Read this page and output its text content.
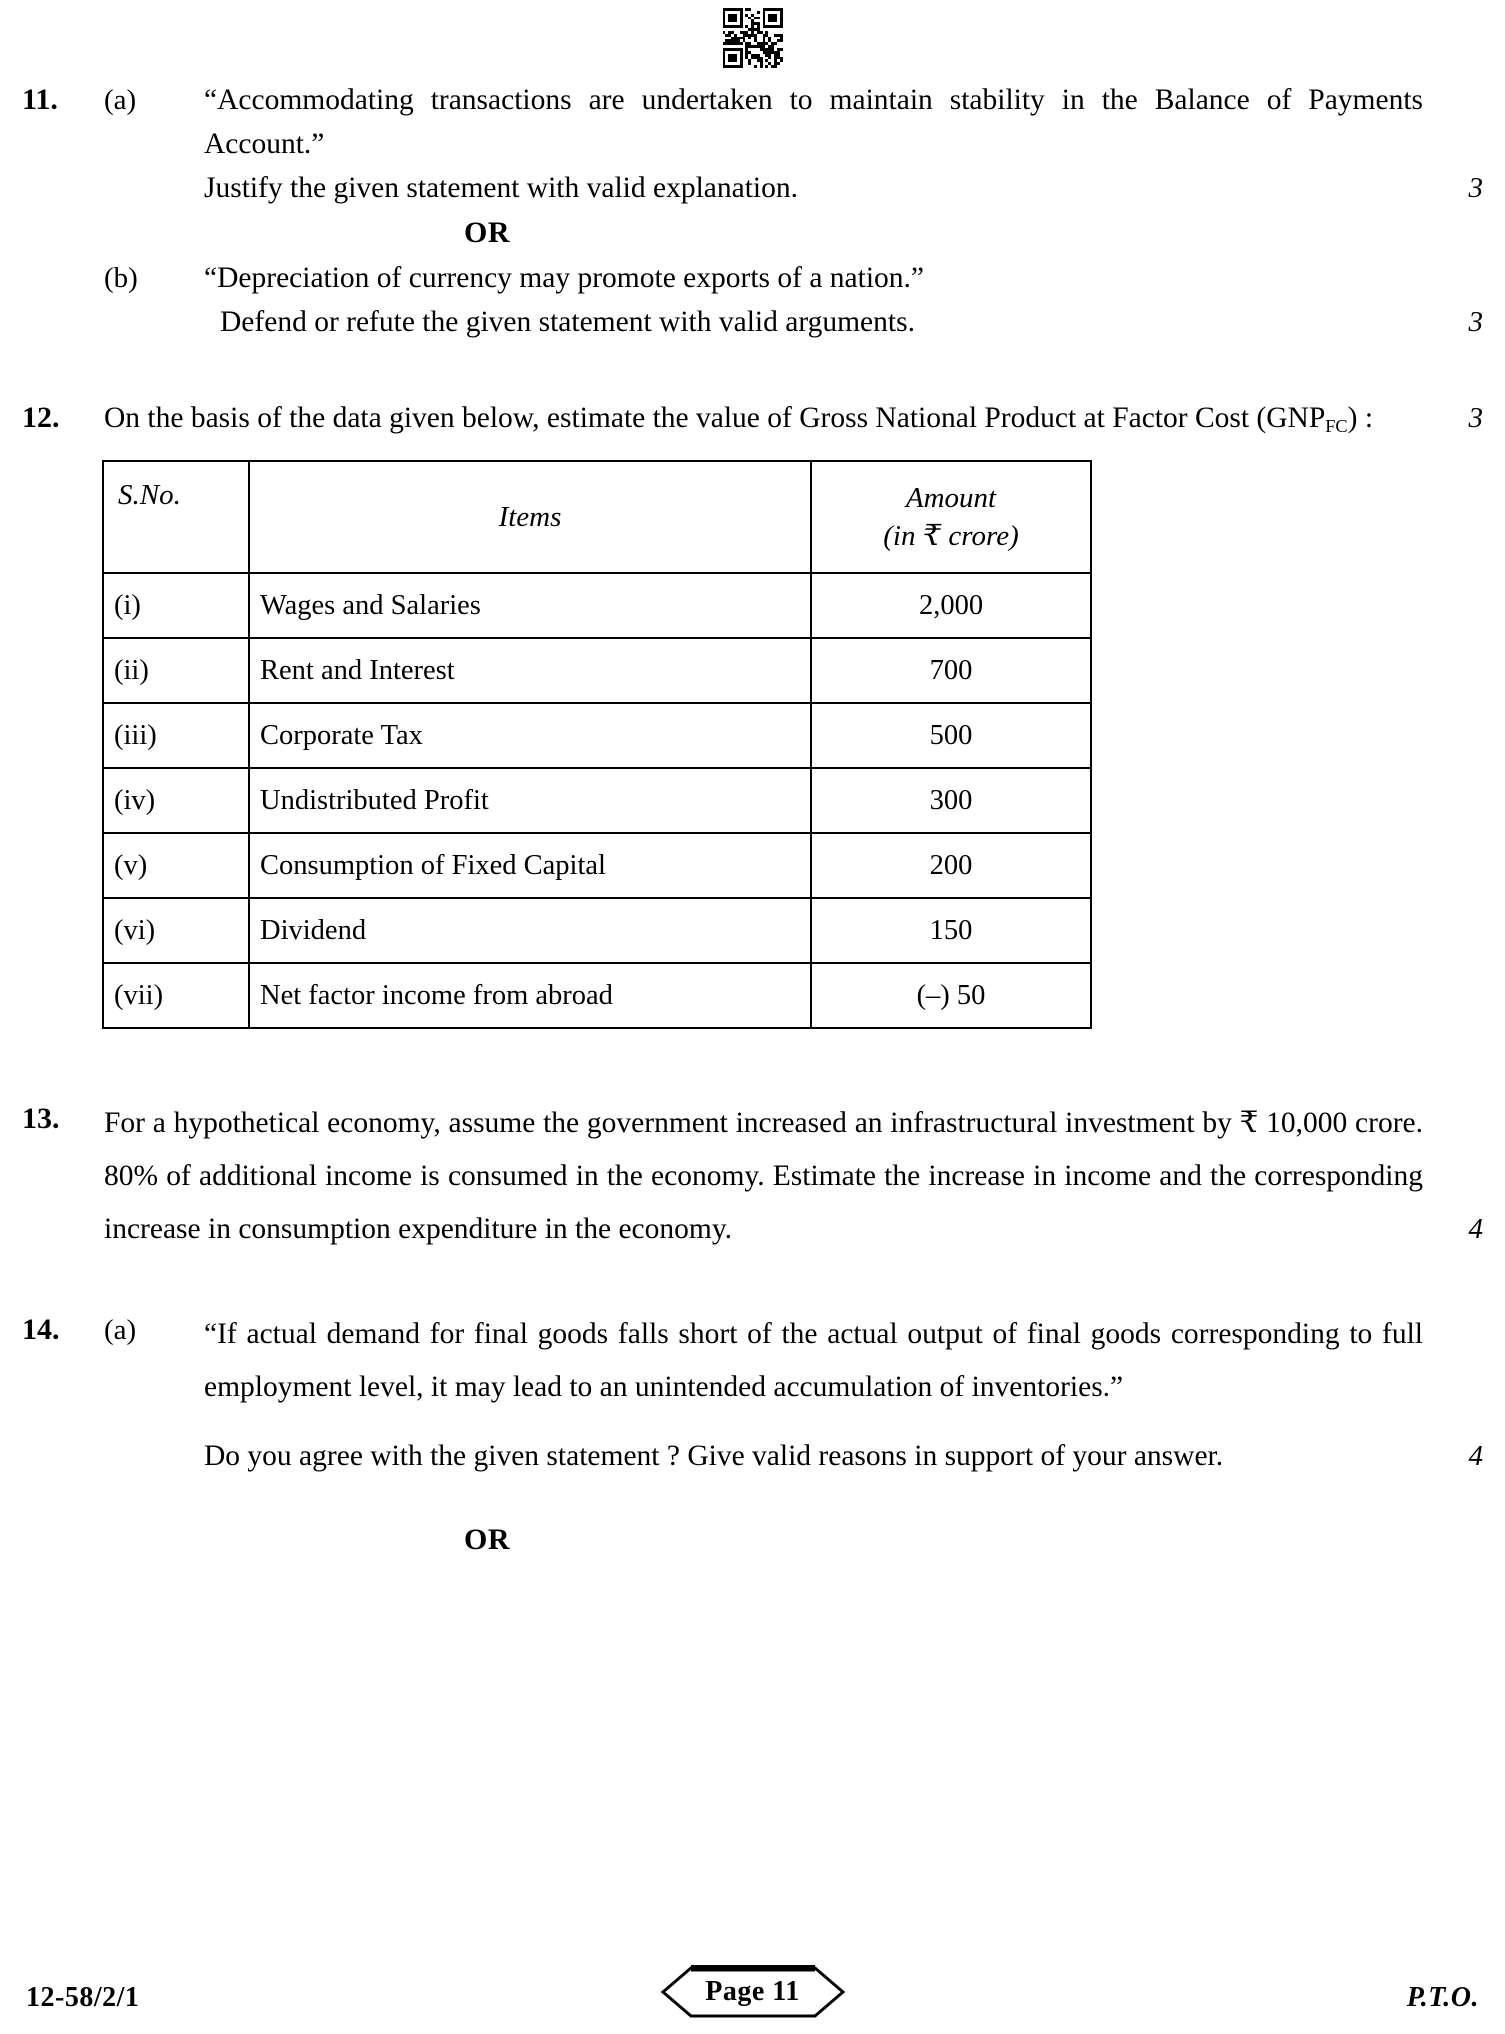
11.	(a)	“Accommodating transactions are undertaken to maintain stability in the Balance of Payments Account.”
Justify the given statement with valid explanation.	3
OR
(b)	“Depreciation of currency may promote exports of a nation.”
Defend or refute the given statement with valid arguments.	3
12.	On the basis of the data given below, estimate the value of Gross National Product at Factor Cost $(GNP_{FC})$ :	3
S.No.	Items	Amount
(in ₹ crore)

(i)	Wages and Salaries	2,000
(ii)	Rent and Interest	700
(iii)	Corporate Tax	500
(iv)	Undistributed Profit	300
(v)	Consumption of Fixed Capital	200
(vi)	Dividend	150
(vii)	Net factor income from abroad	(–) 50
13.	For a hypothetical economy, assume the government increased an infrastructural investment by ₹ 10,000 crore. 80% of additional income is consumed in the economy. Estimate the increase in income and the corresponding increase in consumption expenditure in the economy.	4
14.	(a)	“If actual demand for final goods falls short of the actual output of final goods corresponding to full employment level, it may lead to an unintended accumulation of inventories.”
Do you agree with the given statement ? Give valid reasons in support of your answer.	4
OR
12-58/2/1	Page 11	P.T.O.
